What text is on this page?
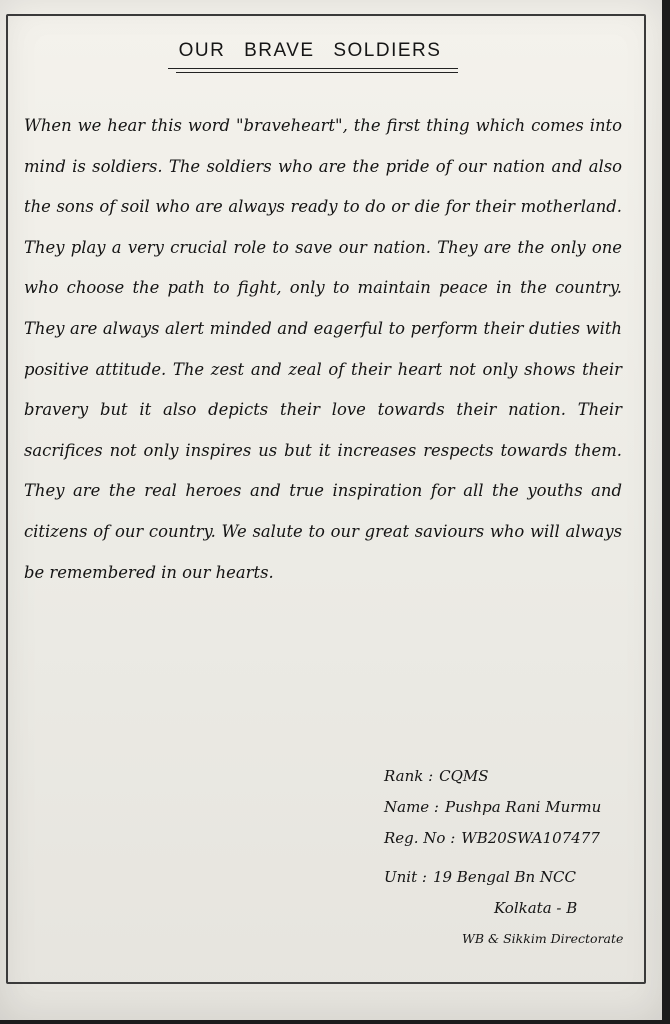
OUR BRAVE SOLDIERS

When we hear this word "braveheart", the first thing which comes into mind is soldiers. The soldiers who are the pride of our nation and also the sons of soil who are always ready to do or die for their motherland. They play a very crucial role to save our nation. They are the only one who choose the path to fight, only to maintain peace in the country. They are always alert minded and eagerful to perform their duties with positive attitude. The zest and zeal of their heart not only shows their bravery but it also depicts their love towards their nation. Their sacrifices not only inspires us but it increases respects towards them. They are the real heroes and true inspiration for all the youths and citizens of our country. We salute to our great saviours who will always be remembered in our hearts.

Rank : CQMS
Name : Pushpa Rani Murmu
Reg. No : WB20SWA107477
Unit : 19 Bengal Bn NCC
Kolkata - B
WB & Sikkim Directorate
